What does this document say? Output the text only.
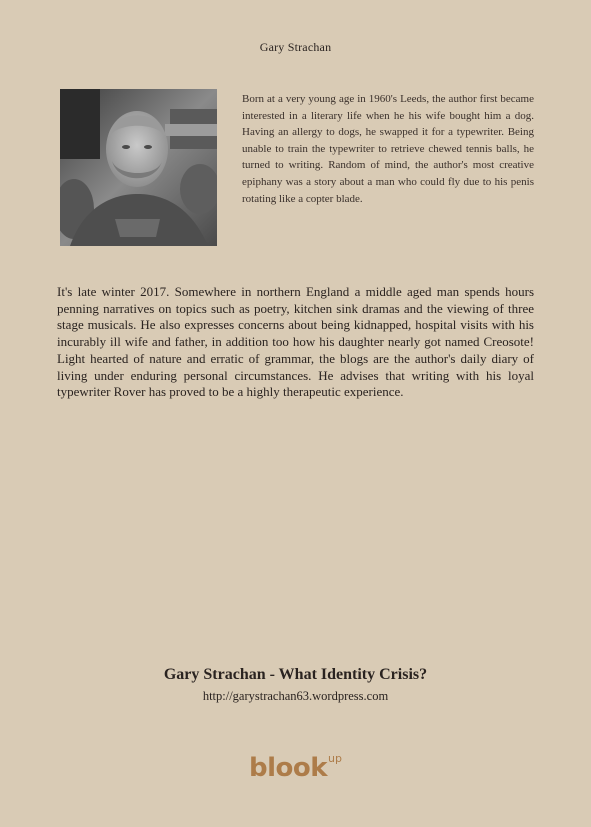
Gary Strachan
Born at a very young age in 1960's Leeds, the author first became interested in a literary life when he his wife bought him a dog. Having an allergy to dogs, he swapped it for a typewriter. Being unable to train the typewriter to retrieve chewed tennis balls, he turned to writing. Random of mind, the author's most creative epiphany was a story about a man who could fly due to his penis rotating like a copter blade.
It's late winter 2017. Somewhere in northern England a middle aged man spends hours penning narratives on topics such as poetry, kitchen sink dramas and the viewing of three stage musicals. He also expresses concerns about being kidnapped, hospital visits with his incurably ill wife and father, in addition too how his daughter nearly got named Creosote! Light hearted of nature and erratic of grammar, the blogs are the author's daily diary of living under enduring personal circumstances. He advises that writing with his loyal typewriter Rover has proved to be a highly therapeutic experience.
Gary Strachan - What Identity Crisis?
http://garystrachan63.wordpress.com
blook$^{up}$
